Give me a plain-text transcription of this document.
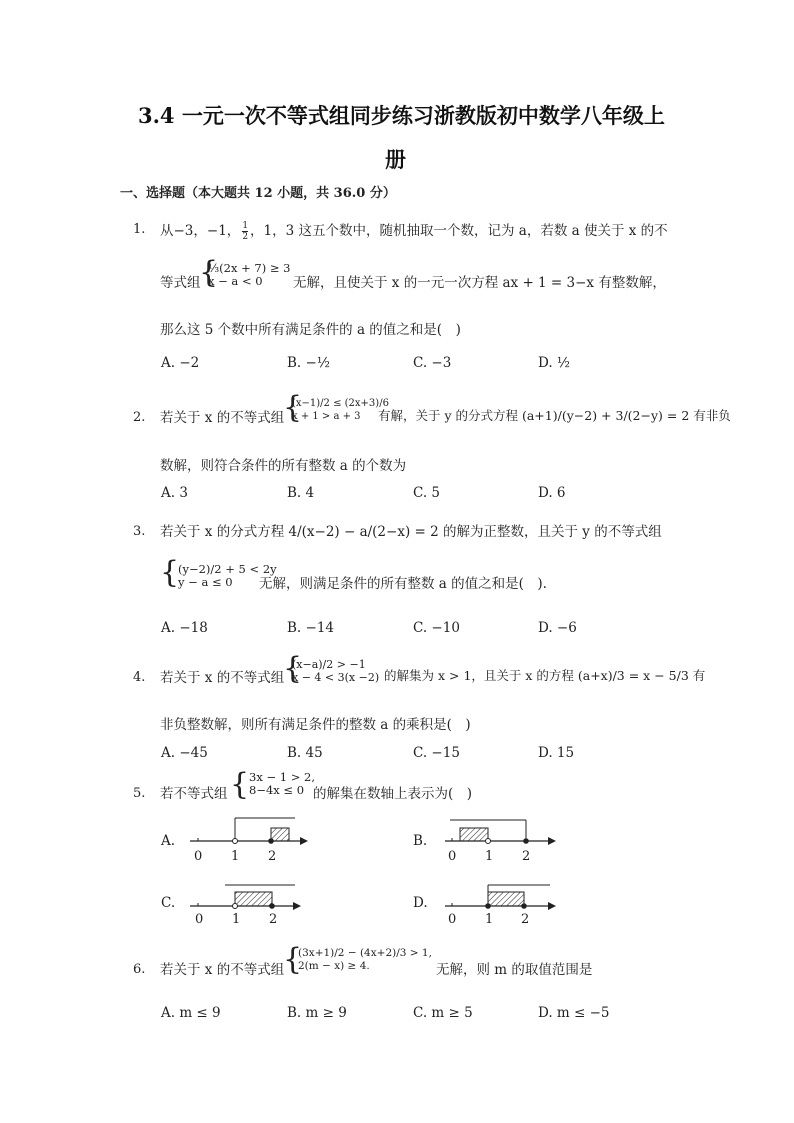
3.4 一元一次不等式组同步练习浙教版初中数学八年级上
册
一、选择题（本大题共 12 小题，共 36.0 分）
1. 从−3，−1， $\frac{1}{2}$ ，1，3 这五个数中，随机抽取一个数，记为 a，若数 a 使关于 x 的不
等式组
{
⅓(2x + 7) ≥ 3
x − a < 0	无解，且使关于 x 的一元一次方程 ax + 1 = 3−x 有整数解，
那么这 5 个数中所有满足条件的 a 的值之和是(　)
A. −2	B. −½	C. −3	D. ½
2. 若关于 x 的不等式组
{
(x−1)/2 ≤ (2x+3)/6
x + 1 > a + 3	有解，关于 y 的分式方程 (a+1)/(y−2) + 3/(2−y) = 2 有非负
数解，则符合条件的所有整数 a 的个数为
A. 3	B. 4	C. 5	D. 6
3. 若关于 x 的分式方程 4/(x−2) − a/(2−x) = 2 的解为正整数，且关于 y 的不等式组
{
(y−2)/2 + 5 < 2y
y − a ≤ 0	无解，则满足条件的所有整数 a 的值之和是(　).
A. −18	B. −14	C. −10	D. −6
4. 若关于 x 的不等式组
{
(x−a)/2 > −1
x − 4 < 3(x −2) 的解集为 x > 1，且关于 x 的方程 (a+x)/3 = x − 5/3 有
非负整数解，则所有满足条件的整数 a 的乘积是(　)
A. −45	B. 45	C. −15	D. 15
5. 若不等式组 { 3x − 1 > 2,
8−4x ≤ 0 的解集在数轴上表示为(　)
A.
0 1 2
B.
0 1 2
C.
0 1 2
D.
0 1 2
6. 若关于 x 的不等式组
{
(3x+1)/2 − (4x+2)/3 > 1,
2(m − x) ≥ 4.	无解，则 m 的取值范围是
A. m ≤ 9	B. m ≥ 9	C. m ≥ 5	D. m ≤ −5
